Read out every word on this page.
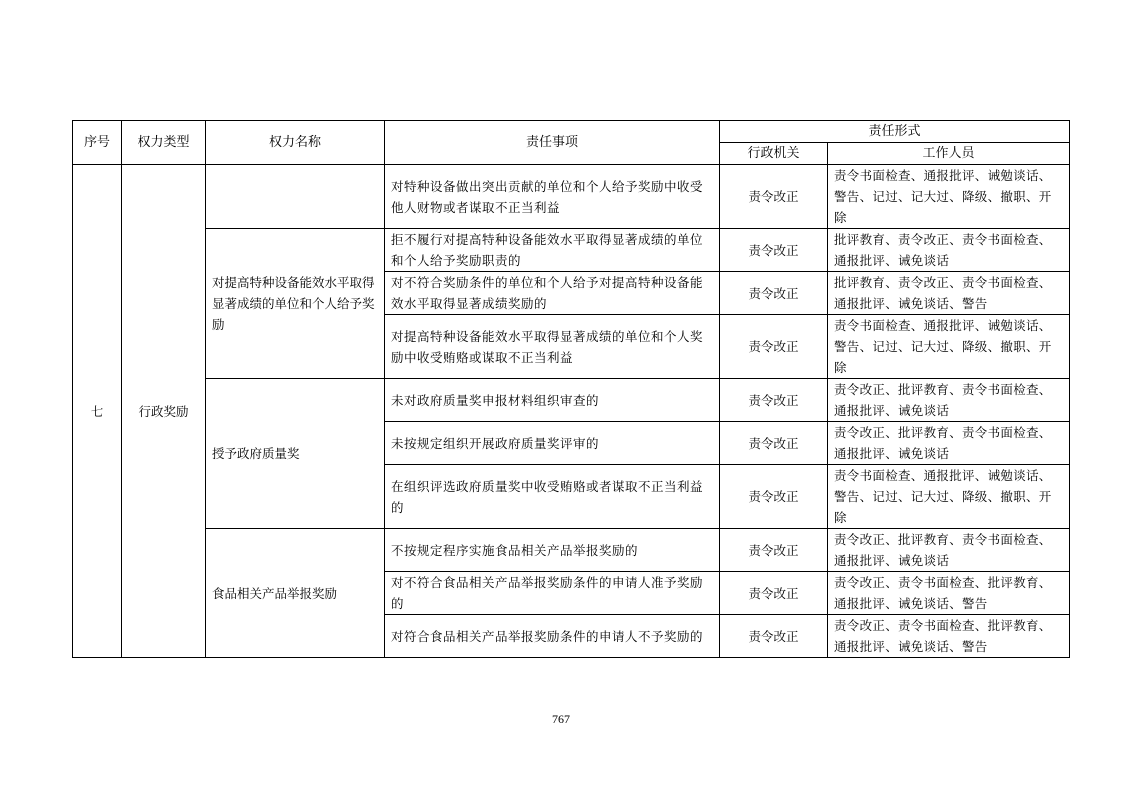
序号	权力类型	权力名称	责任事项	责任形式	
				行政机关	工作人员
七	行政奖励		对特种设备做出突出贡献的单位和个人给予奖励中收受他人财物或者谋取不正当利益	责令改正	责令书面检查、通报批评、诫勉谈话、警告、记过、记大过、降级、撤职、开除
		对提高特种设备能效水平取得显著成绩的单位和个人给予奖励	拒不履行对提高特种设备能效水平取得显著成绩的单位和个人给予奖励职责的	责令改正	批评教育、责令改正、责令书面检查、通报批评、诫免谈话
			对不符合奖励条件的单位和个人给予对提高特种设备能效水平取得显著成绩奖励的	责令改正	批评教育、责令改正、责令书面检查、通报批评、诫免谈话、警告
			对提高特种设备能效水平取得显著成绩的单位和个人奖励中收受贿赂或谋取不正当利益	责令改正	责令书面检查、通报批评、诫勉谈话、警告、记过、记大过、降级、撤职、开除
		授予政府质量奖	未对政府质量奖申报材料组织审查的	责令改正	责令改正、批评教育、责令书面检查、通报批评、诫免谈话
			未按规定组织开展政府质量奖评审的	责令改正	责令改正、批评教育、责令书面检查、通报批评、诫免谈话
			在组织评选政府质量奖中收受贿赂或者谋取不正当利益的	责令改正	责令书面检查、通报批评、诫勉谈话、警告、记过、记大过、降级、撤职、开除
		食品相关产品举报奖励	不按规定程序实施食品相关产品举报奖励的	责令改正	责令改正、批评教育、责令书面检查、通报批评、诫免谈话
			对不符合食品相关产品举报奖励条件的申请人准予奖励的	责令改正	责令改正、责令书面检查、批评教育、通报批评、诫免谈话、警告
			对符合食品相关产品举报奖励条件的申请人不予奖励的	责令改正	责令改正、责令书面检查、批评教育、通报批评、诫免谈话、警告
767
